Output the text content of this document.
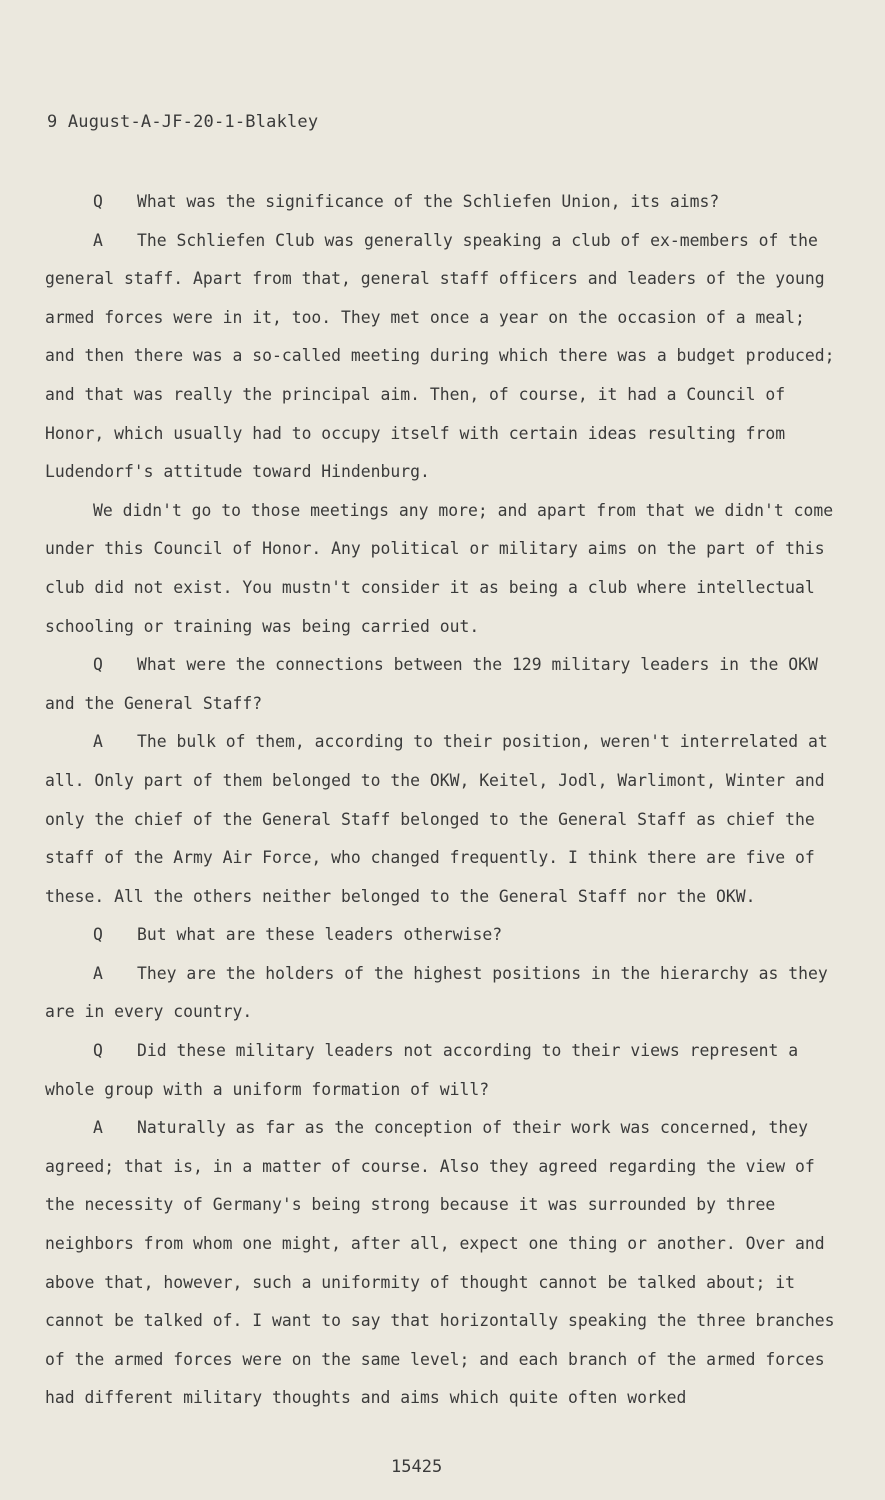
9 August-A-JF-20-1-Blakley

Q What was the significance of the Schliefen Union, its aims?

A The Schliefen Club was generally speaking a club of ex-members of the general staff. Apart from that, general staff officers and leaders of the young armed forces were in it, too. They met once a year on the occasion of a meal; and then there was a so-called meeting during which there was a budget produced; and that was really the principal aim. Then, of course, it had a Council of Honor, which usually had to occupy itself with certain ideas resulting from Ludendorf's attitude toward Hindenburg.

We didn't go to those meetings any more; and apart from that we didn't come under this Council of Honor. Any political or military aims on the part of this club did not exist. You mustn't consider it as being a club where intellectual schooling or training was being carried out.

Q What were the connections between the 129 military leaders in the OKW and the General Staff?

A The bulk of them, according to their position, weren't interrelated at all. Only part of them belonged to the OKW, Keitel, Jodl, Warlimont, Winter and only the chief of the General Staff belonged to the General Staff as chief the staff of the Army Air Force, who changed frequently. I think there are five of these. All the others neither belonged to the General Staff nor the OKW.

Q But what are these leaders otherwise?

A They are the holders of the highest positions in the hierarchy as they are in every country.

Q Did these military leaders not according to their views represent a whole group with a uniform formation of will?

A Naturally as far as the conception of their work was concerned, they agreed; that is, in a matter of course. Also they agreed regarding the view of the necessity of Germany's being strong because it was surrounded by three neighbors from whom one might, after all, expect one thing or another. Over and above that, however, such a uniformity of thought cannot be talked about; it cannot be talked of. I want to say that horizontally speaking the three branches of the armed forces were on the same level; and each branch of the armed forces had different military thoughts and aims which quite often worked

15425
